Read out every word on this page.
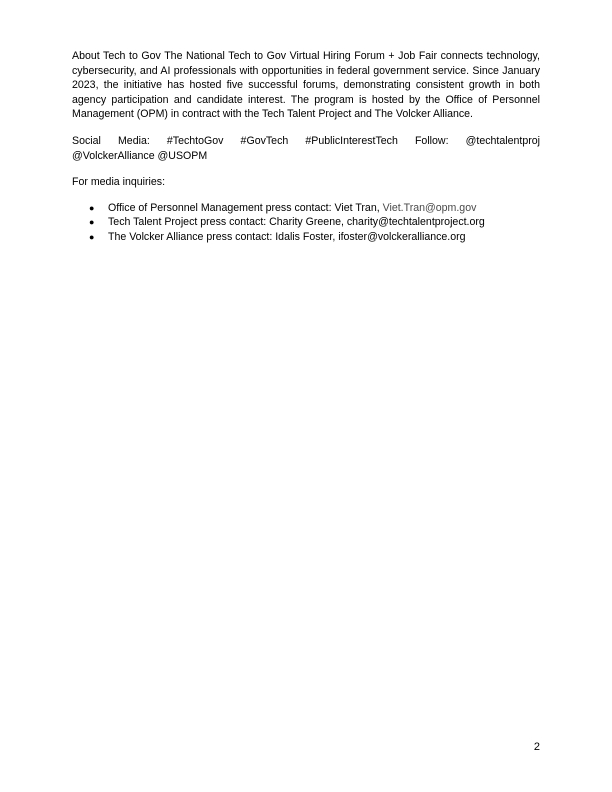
About Tech to Gov The National Tech to Gov Virtual Hiring Forum + Job Fair connects technology, cybersecurity, and AI professionals with opportunities in federal government service. Since January 2023, the initiative has hosted five successful forums, demonstrating consistent growth in both agency participation and candidate interest. The program is hosted by the Office of Personnel Management (OPM) in contract with the Tech Talent Project and The Volcker Alliance.

Social Media: #TechtoGov #GovTech #PublicInterestTech Follow: @techtalentproj
@VolckerAlliance @USOPM

For media inquiries:

● Office of Personnel Management press contact: Viet Tran, Viet.Tran@opm.gov
● Tech Talent Project press contact: Charity Greene, charity@techtalentproject.org
● The Volcker Alliance press contact: Idalis Foster, ifoster@volckeralliance.org
2
